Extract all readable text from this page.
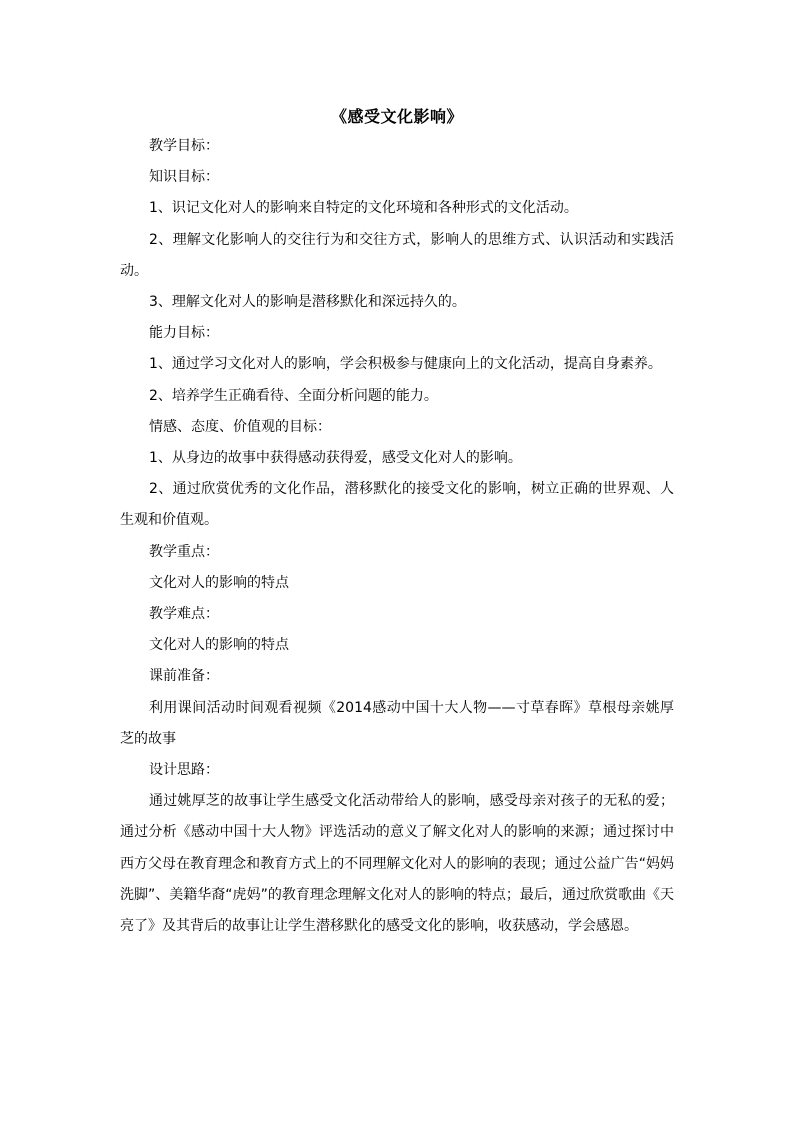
《感受文化影响》

教学目标：

知识目标：

1、识记文化对人的影响来自特定的文化环境和各种形式的文化活动。

2、理解文化影响人的交往行为和交往方式，影响人的思维方式、认识活动和实践活动。

3、理解文化对人的影响是潜移默化和深远持久的。

能力目标：

1、通过学习文化对人的影响，学会积极参与健康向上的文化活动，提高自身素养。

2、培养学生正确看待、全面分析问题的能力。

情感、态度、价值观的目标：

1、从身边的故事中获得感动获得爱，感受文化对人的影响。

2、通过欣赏优秀的文化作品，潜移默化的接受文化的影响，树立正确的世界观、人生观和价值观。

教学重点：

文化对人的影响的特点

教学难点：

文化对人的影响的特点

课前准备：

利用课间活动时间观看视频《2014感动中国十大人物——寸草春晖》草根母亲姚厚芝的故事

设计思路：

通过姚厚芝的故事让学生感受文化活动带给人的影响，感受母亲对孩子的无私的爱；通过分析《感动中国十大人物》评选活动的意义了解文化对人的影响的来源；通过探讨中西方父母在教育理念和教育方式上的不同理解文化对人的影响的表现；通过公益广告“妈妈洗脚”、美籍华裔“虎妈”的教育理念理解文化对人的影响的特点；最后，通过欣赏歌曲《天亮了》及其背后的故事让让学生潜移默化的感受文化的影响，收获感动，学会感恩。
